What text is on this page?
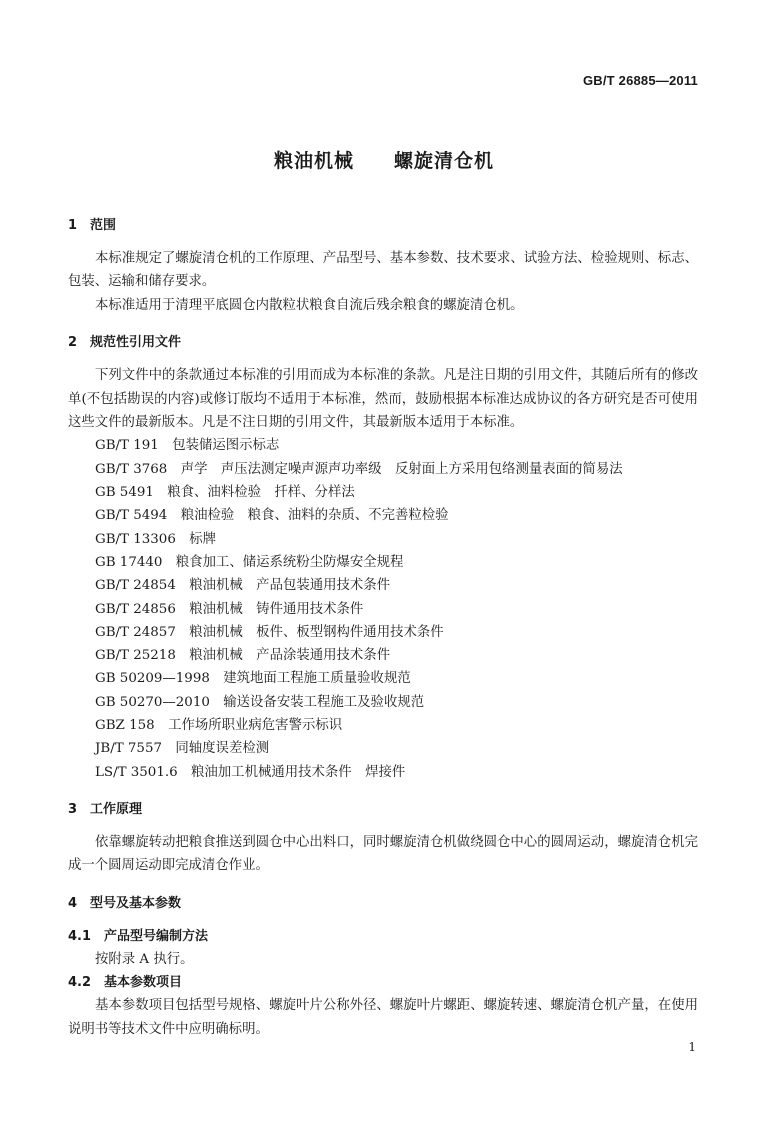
GB/T 26885—2011
粮油机械　　 螺旋清仓机
1 范围

本标准规定了螺旋清仓机的工作原理、产品型号、基本参数、技术要求、试验方法、检验规则、标志、包装、运输和储存要求。

本标准适用于清理平底圆仓内散粒状粮食自流后残余粮食的螺旋清仓机。

2 规范性引用文件

下列文件中的条款通过本标准的引用而成为本标准的条款。凡是注日期的引用文件，其随后所有的修改单(不包括勘误的内容)或修订版均不适用于本标准，然而，鼓励根据本标准达成协议的各方研究是否可使用这些文件的最新版本。凡是不注日期的引用文件，其最新版本适用于本标准。

GB/T 191　 包装储运图示标志
GB/T 3768　 声学　声压法测定噪声源声功率级　反射面上方采用包络测量表面的简易法
GB 5491　 粮食、油料检验　扦样、分样法
GB/T 5494　 粮油检验　粮食、油料的杂质、不完善粒检验
GB/T 13306　 标牌
GB 17440　 粮食加工、储运系统粉尘防爆安全规程
GB/T 24854　 粮油机械　产品包装通用技术条件
GB/T 24856　 粮油机械　铸件通用技术条件
GB/T 24857　 粮油机械　板件、板型钢构件通用技术条件
GB/T 25218　 粮油机械　产品涂装通用技术条件
GB 50209—1998　 建筑地面工程施工质量验收规范
GB 50270—2010　 输送设备安装工程施工及验收规范
GBZ 158　 工作场所职业病危害警示标识
JB/T 7557　 同轴度误差检测
LS/T 3501.6　 粮油加工机械通用技术条件　焊接件
3 工作原理

依靠螺旋转动把粮食推送到圆仓中心出料口，同时螺旋清仓机做绕圆仓中心的圆周运动，螺旋清仓机完成一个圆周运动即完成清仓作业。

4 型号及基本参数
4.1 产品型号编制方法

按附录 A 执行。

4.2 基本参数项目

基本参数项目包括型号规格、螺旋叶片公称外径、螺旋叶片螺距、螺旋转速、螺旋清仓机产量，在使用说明书等技术文件中应明确标明。

1
